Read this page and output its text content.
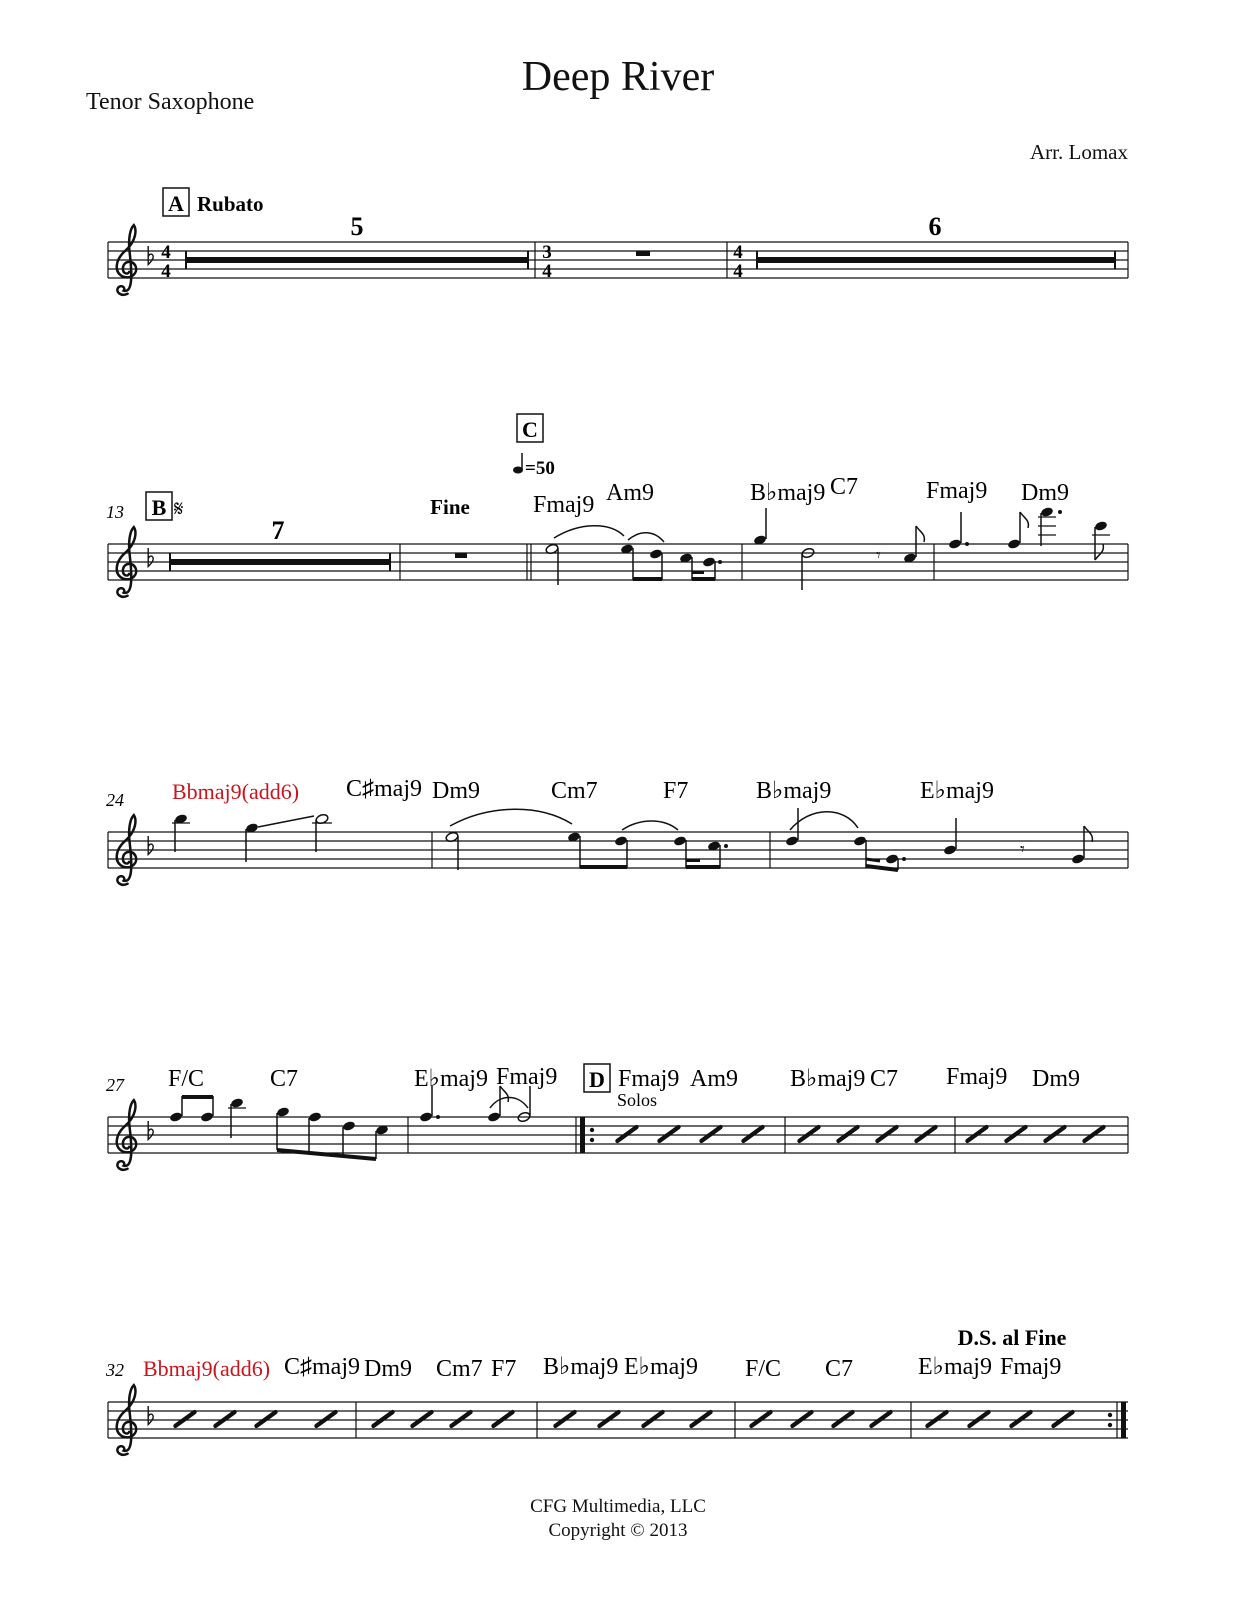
Deep River
Tenor Saxophone
Arr. Lomax
A Rubato
4
4
5
3
4
4
4
6
13 B 𝄋
7
Fine
C
=50
Fmaj9 Am9	B♭maj9 C7	Fmaj9 Dm9
𝄾
24 Bbmaj9(add6) C♯maj9 Dm9	Cm7	F7	B♭maj9	E♭maj9
𝄾
27	D
Solos
F/C	C7	E♭maj9 Fmaj9	Fmaj9 Am9 B♭maj9 C7 Fmaj9 Dm9
32
D.S. al Fine
Bbmaj9(add6) C♯maj9 Dm9 Cm7 F7 B♭maj9 E♭maj9 F/C C7	E♭maj9 Fmaj9
CFG Multimedia, LLC
Copyright © 2013
